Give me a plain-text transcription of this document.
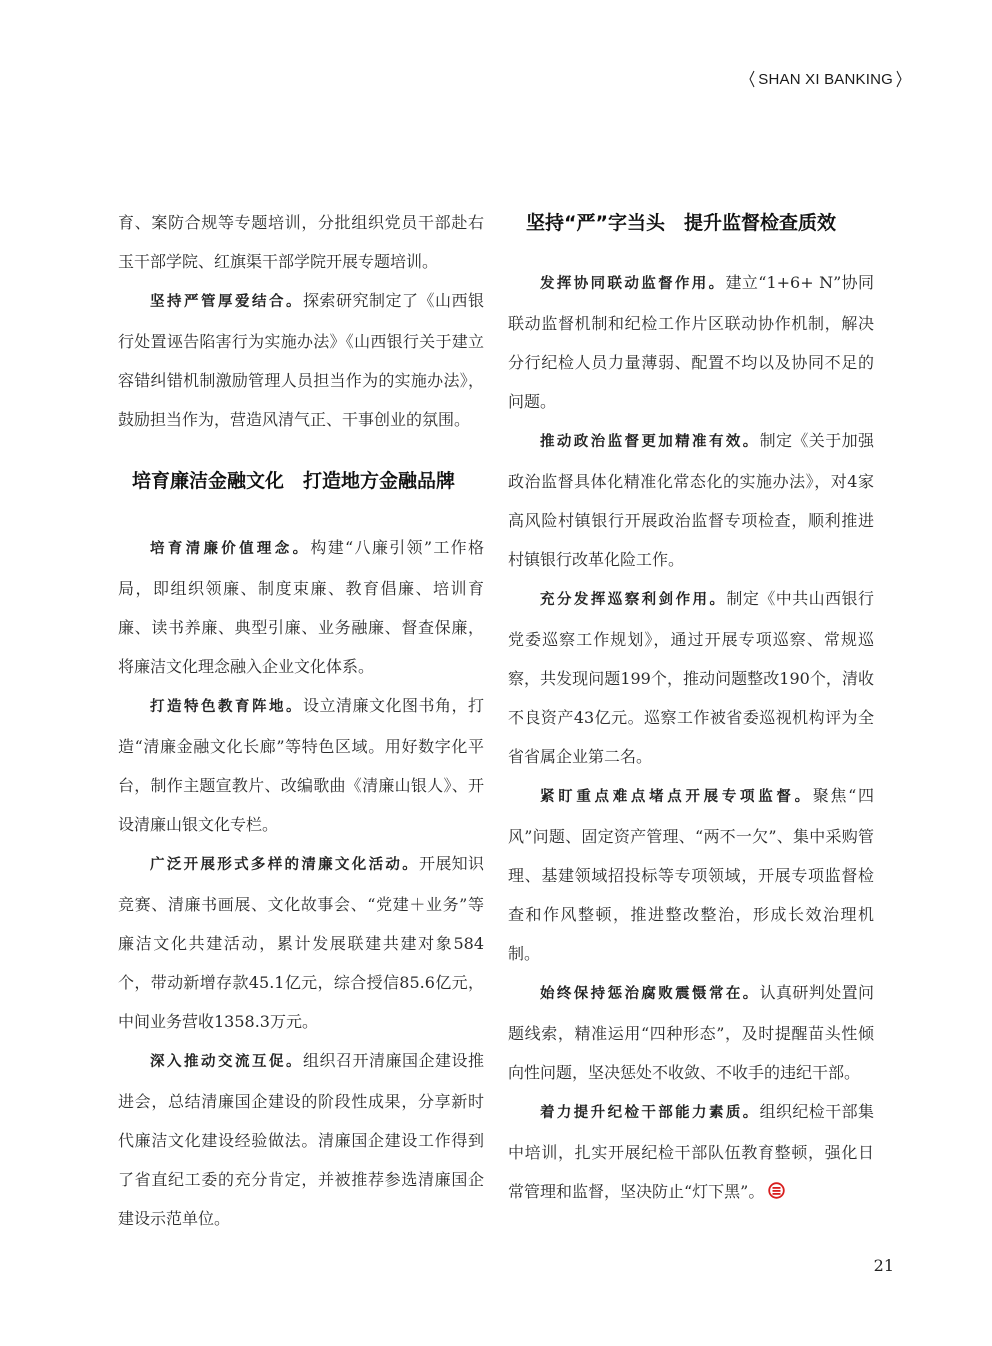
SHAN XI BANKING

育、案防合规等专题培训，分批组织党员干部赴右玉干部学院、红旗渠干部学院开展专题培训。

坚持严管厚爱结合。探索研究制定了《山西银行处置诬告陷害行为实施办法》《山西银行关于建立容错纠错机制激励管理人员担当作为的实施办法》，鼓励担当作为，营造风清气正、干事创业的氛围。

培育廉洁金融文化　打造地方金融品牌

培育清廉价值理念。构建“八廉引领”工作格局，即组织领廉、制度束廉、教育倡廉、培训育廉、读书养廉、典型引廉、业务融廉、督查保廉，将廉洁文化理念融入企业文化体系。

打造特色教育阵地。设立清廉文化图书角，打造“清廉金融文化长廊”等特色区域。用好数字化平台，制作主题宣教片、改编歌曲《清廉山银人》、开设清廉山银文化专栏。

广泛开展形式多样的清廉文化活动。开展知识竞赛、清廉书画展、文化故事会、“党建＋业务”等廉洁文化共建活动，累计发展联建共建对象584个，带动新增存款45.1亿元，综合授信85.6亿元，中间业务营收1358.3万元。

深入推动交流互促。组织召开清廉国企建设推进会，总结清廉国企建设的阶段性成果，分享新时代廉洁文化建设经验做法。清廉国企建设工作得到了省直纪工委的充分肯定，并被推荐参选清廉国企建设示范单位。

坚持“严”字当头　提升监督检查质效

发挥协同联动监督作用。建立“1+6+ N”协同联动监督机制和纪检工作片区联动协作机制，解决分行纪检人员力量薄弱、配置不均以及协同不足的问题。

推动政治监督更加精准有效。制定《关于加强政治监督具体化精准化常态化的实施办法》，对4家高风险村镇银行开展政治监督专项检查，顺利推进村镇银行改革化险工作。

充分发挥巡察利剑作用。制定《中共山西银行党委巡察工作规划》，通过开展专项巡察、常规巡察，共发现问题199个，推动问题整改190个，清收不良资产43亿元。巡察工作被省委巡视机构评为全省省属企业第二名。

紧盯重点难点堵点开展专项监督。聚焦“四风”问题、固定资产管理、“两不一欠”、集中采购管理、基建领域招投标等专项领域，开展专项监督检查和作风整顿，推进整改整治，形成长效治理机制。

始终保持惩治腐败震慑常在。认真研判处置问题线索，精准运用“四种形态”，及时提醒苗头性倾向性问题，坚决惩处不收敛、不收手的违纪干部。

着力提升纪检干部能力素质。组织纪检干部集中培训，扎实开展纪检干部队伍教育整顿，强化日常管理和监督，坚决防止“灯下黑”。

21
